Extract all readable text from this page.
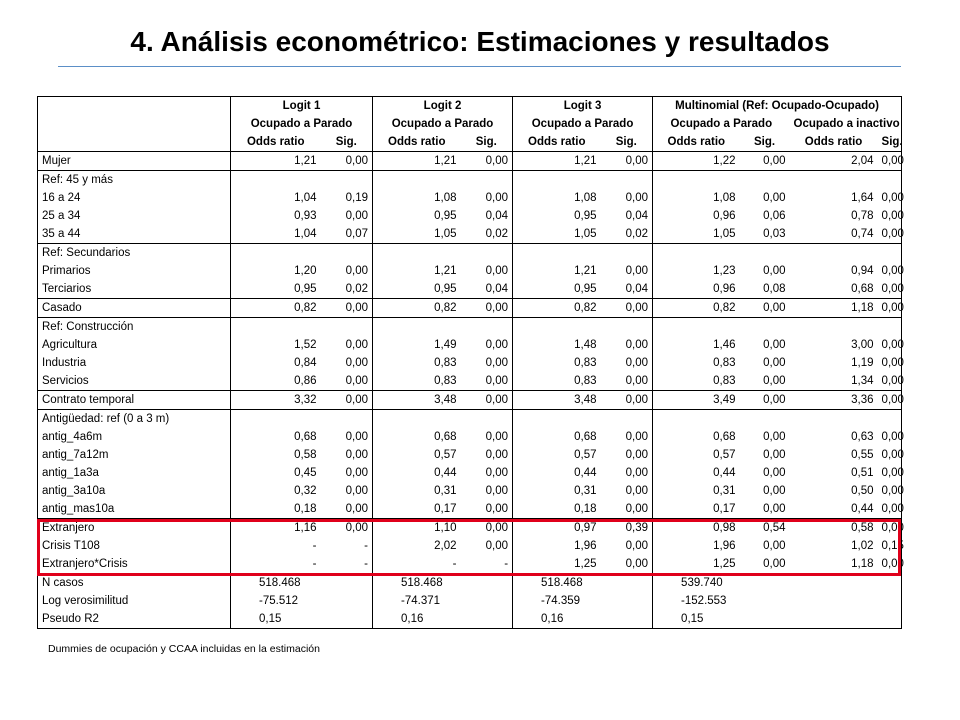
4. Análisis econométrico: Estimaciones y resultados
	Logit 1		Logit 2		Logit 3		Multinomial (Ref: Ocupado-Ocupado)			
	Ocupado a Parado		Ocupado a Parado		Ocupado a Parado		Ocupado a Parado		Ocupado a inactivo	
	Odds ratio	Sig.	Odds ratio	Sig.	Odds ratio	Sig.	Odds ratio	Sig.	Odds ratio	Sig.
Mujer	1,21	0,00	1,21	0,00	1,21	0,00	1,22	0,00	2,04	0,00
Ref: 45 y más										
16 a 24	1,04	0,19	1,08	0,00	1,08	0,00	1,08	0,00	1,64	0,00
25 a 34	0,93	0,00	0,95	0,04	0,95	0,04	0,96	0,06	0,78	0,00
35 a 44	1,04	0,07	1,05	0,02	1,05	0,02	1,05	0,03	0,74	0,00
Ref: Secundarios										
Primarios	1,20	0,00	1,21	0,00	1,21	0,00	1,23	0,00	0,94	0,00
Terciarios	0,95	0,02	0,95	0,04	0,95	0,04	0,96	0,08	0,68	0,00
Casado	0,82	0,00	0,82	0,00	0,82	0,00	0,82	0,00	1,18	0,00
Ref: Construcción										
Agricultura	1,52	0,00	1,49	0,00	1,48	0,00	1,46	0,00	3,00	0,00
Industria	0,84	0,00	0,83	0,00	0,83	0,00	0,83	0,00	1,19	0,00
Servicios	0,86	0,00	0,83	0,00	0,83	0,00	0,83	0,00	1,34	0,00
Contrato temporal	3,32	0,00	3,48	0,00	3,48	0,00	3,49	0,00	3,36	0,00
Antigüedad: ref (0 a 3 m)										
antig_4a6m	0,68	0,00	0,68	0,00	0,68	0,00	0,68	0,00	0,63	0,00
antig_7a12m	0,58	0,00	0,57	0,00	0,57	0,00	0,57	0,00	0,55	0,00
antig_1a3a	0,45	0,00	0,44	0,00	0,44	0,00	0,44	0,00	0,51	0,00
antig_3a10a	0,32	0,00	0,31	0,00	0,31	0,00	0,31	0,00	0,50	0,00
antig_mas10a	0,18	0,00	0,17	0,00	0,18	0,00	0,17	0,00	0,44	0,00
Extranjero	1,16	0,00	1,10	0,00	0,97	0,39	0,98	0,54	0,58	0,00
Crisis T108	-	-	2,02	0,00	1,96	0,00	1,96	0,00	1,02	0,15
Extranjero*Crisis	-	-	-	-	1,25	0,00	1,25	0,00	1,18	0,00
N casos	518.468		518.468		518.468		539.740			
Log verosimilitud	-75.512		-74.371		-74.359		-152.553			
Pseudo R2	0,15		0,16		0,16		0,15			
Dummies de ocupación y CCAA incluidas en la estimación
